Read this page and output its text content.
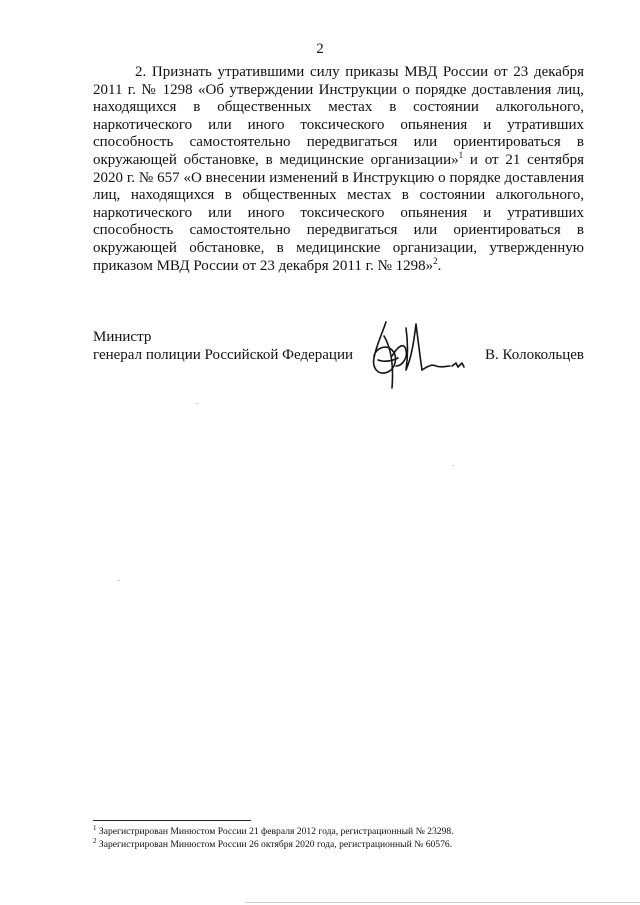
2

2. Признать утратившими силу приказы МВД России от 23 декабря 2011 г. № 1298 «Об утверждении Инструкции о порядке доставления лиц, находящихся в общественных местах в состоянии алкогольного, наркотического или иного токсического опьянения и утративших способность самостоятельно передвигаться или ориентироваться в окружающей обстановке, в медицинские организации»$^1$ и от 21 сентября 2020 г. № 657 «О внесении изменений в Инструкцию о порядке доставления лиц, находящихся в общественных местах в состоянии алкогольного, наркотического или иного токсического опьянения и утративших способность самостоятельно передвигаться или ориентироваться в окружающей обстановке, в медицинские организации, утвержденную приказом МВД России от 23 декабря 2011 г. № 1298»$^2$.

Министр
генерал полиции Российской Федерации	В. Колокольцев
$^1$ Зарегистрирован Минюстом России 21 февраля 2012 года, регистрационный № 23298.
$^2$ Зарегистрирован Минюстом России 26 октября 2020 года, регистрационный № 60576.
